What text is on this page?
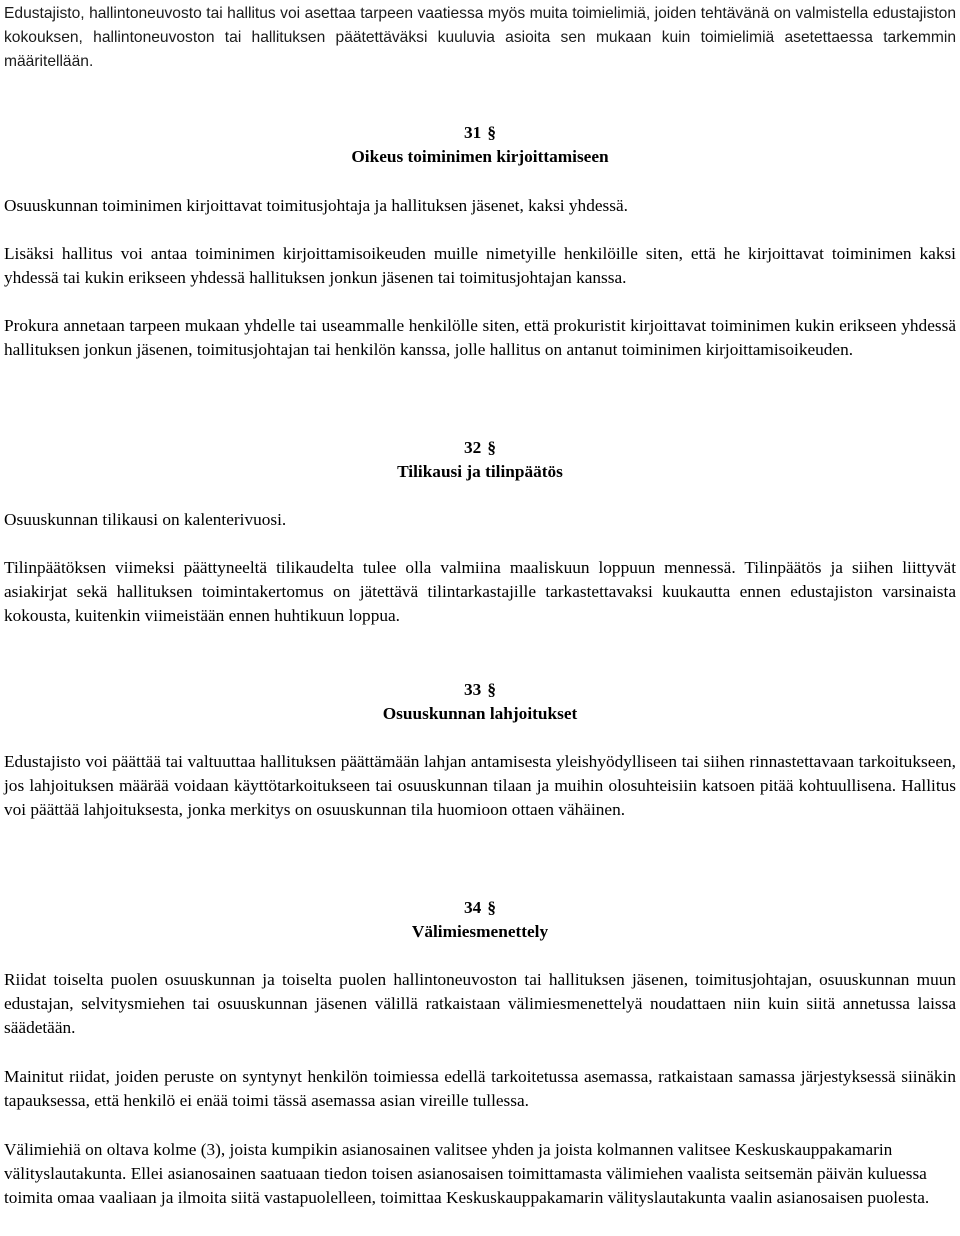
Edustajisto, hallintoneuvosto tai hallitus voi asettaa tarpeen vaatiessa myös muita toimielimiä, joiden tehtävänä on valmistella edustajiston kokouksen, hallintoneuvoston tai hallituksen päätettäväksi kuuluvia asioita sen mukaan kuin toimielimiä asetettaessa tarkemmin määritellään.

31 §

Oikeus toiminimen kirjoittamiseen

Osuuskunnan toiminimen kirjoittavat toimitusjohtaja ja hallituksen jäsenet, kaksi yhdessä.

Lisäksi hallitus voi antaa toiminimen kirjoittamisoikeuden muille nimetyille henkilöille siten, että he kirjoittavat toiminimen kaksi yhdessä tai kukin erikseen yhdessä hallituksen jonkun jäsenen tai toimitusjohtajan kanssa.

Prokura annetaan tarpeen mukaan yhdelle tai useammalle henkilölle siten, että prokuristit kirjoittavat toiminimen kukin erikseen yhdessä hallituksen jonkun jäsenen, toimitusjohtajan tai henkilön kanssa, jolle hallitus on antanut toiminimen kirjoittamisoikeuden.

32 §

Tilikausi ja tilinpäätös

Osuuskunnan tilikausi on kalenterivuosi.

Tilinpäätöksen viimeksi päättyneeltä tilikaudelta tulee olla valmiina maaliskuun loppuun mennessä. Tilinpäätös ja siihen liittyvät asiakirjat sekä hallituksen toimintakertomus on jätettävä tilintarkastajille tarkastettavaksi kuukautta ennen edustajiston varsinaista kokousta, kuitenkin viimeistään ennen huhtikuun loppua.

33 §

Osuuskunnan lahjoitukset

Edustajisto voi päättää tai valtuuttaa hallituksen päättämään lahjan antamisesta yleishyödylliseen tai siihen rinnastettavaan tarkoitukseen, jos lahjoituksen määrää voidaan käyttötarkoitukseen tai osuuskunnan tilaan ja muihin olosuhteisiin katsoen pitää kohtuullisena. Hallitus voi päättää lahjoituksesta, jonka merkitys on osuuskunnan tila huomioon ottaen vähäinen.

34 §

Välimiesmenettely

Riidat toiselta puolen osuuskunnan ja toiselta puolen hallintoneuvoston tai hallituksen jäsenen, toimitusjohtajan, osuuskunnan muun edustajan, selvitysmiehen tai osuuskunnan jäsenen välillä ratkaistaan välimiesmenettelyä noudattaen niin kuin siitä annetussa laissa säädetään.

Mainitut riidat, joiden peruste on syntynyt henkilön toimiessa edellä tarkoitetussa asemassa, ratkaistaan samassa järjestyksessä siinäkin tapauksessa, että henkilö ei enää toimi tässä asemassa asian vireille tullessa.

Välimiehiä on oltava kolme (3), joista kumpikin asianosainen valitsee yhden ja joista kolmannen valitsee Keskuskauppakamarin välityslautakunta. Ellei asianosainen saatuaan tiedon toisen asianosaisen toimittamasta välimiehen vaalista seitsemän päivän kuluessa toimita omaa vaaliaan ja ilmoita siitä vastapuolelleen, toimittaa Keskuskauppakamarin välityslautakunta vaalin asianosaisen puolesta.
